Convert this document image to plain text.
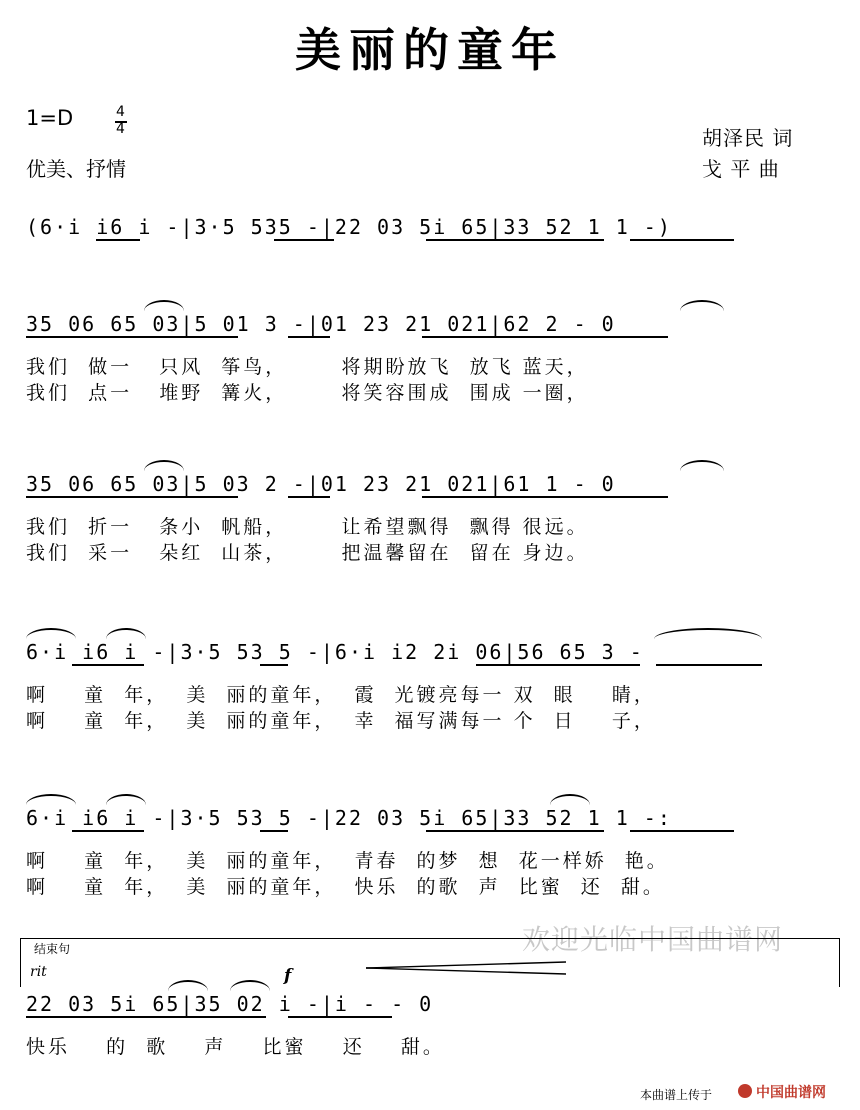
美丽的童年
1=D	4
4
优美、抒情
胡泽民 词
戈 平 曲
(6·i i6 i -|3·5 535 -|22 03 5i 65|33 52 1 1 -)
35 06 65 03|5 01 3 -|01 23 21 021|62 2 - 0
我们  做一   只风  筝鸟，      将期盼放飞  放飞 蓝天，
我们  点一   堆野  篝火，      将笑容围成  围成 一圈，
35 06 65 03|5 03 2 -|01 23 21 021|61 1 - 0
我们  折一   条小  帆船，      让希望飘得  飘得 很远。
我们  采一   朵红  山茶，      把温馨留在  留在 身边。
6·i i6 i -|3·5 53 5 -|6·i i2 2i 06|56 65 3 -
啊    童  年，  美  丽的童年，  霞  光镀亮每一 双  眼    睛，
啊    童  年，  美  丽的童年，  幸  福写满每一 个  日    子，
6·i i6 i -|3·5 53 5 -|22 03 5i 65|33 52 1 1 -:
啊    童  年，  美  丽的童年，  青春  的梦  想  花一样娇  艳。
啊    童  年，  美  丽的童年，  快乐  的歌  声  比蜜  还  甜。
欢迎光临中国曲谱网
结束句
rit	f
22 03 5i 65|35 02 i -|i - - 0
快乐    的  歌    声    比蜜    还    甜。
本曲谱上传于	中国曲谱网
